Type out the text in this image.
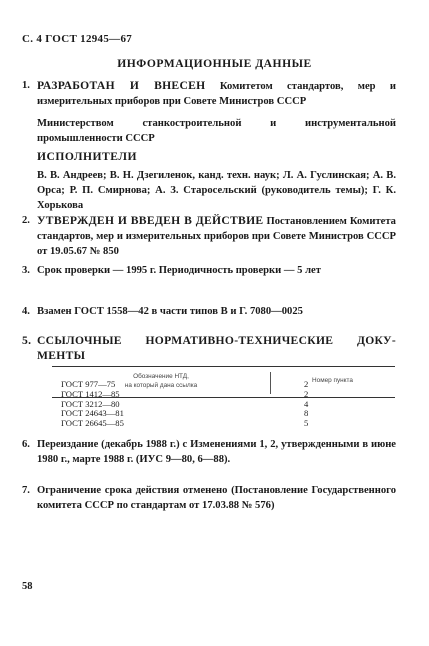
С. 4 ГОСТ 12945—67
ИНФОРМАЦИОННЫЕ ДАННЫЕ
1. РАЗРАБОТАН И ВНЕСЕН Комитетом стандартов, мер и измерительных приборов при Совете Министров СССР
Министерством станкостроительной и инструментальной промышленности СССР
ИСПОЛНИТЕЛИ
В. В. Андреев; В. Н. Дзегиленок, канд. техн. наук; Л. А. Гуслинская; А. В. Орса; Р. П. Смирнова; А. З. Старосельский (руководитель темы); Г. К. Хорькова
2. УТВЕРЖДЕН И ВВЕДЕН В ДЕЙСТВИЕ Постановлением Комитета стандартов, мер и измерительных приборов при Совете Министров СССР от 19.05.67 № 850
3. Срок проверки — 1995 г. Периодичность проверки — 5 лет
4. Взамен ГОСТ 1558—42 в части типов В и Г. 7080—0025
5. ССЫЛОЧНЫЕ НОРМАТИВНО-ТЕХНИЧЕСКИЕ ДОКУ-
МЕНТЫ
Обозначение НТД,
на который дана ссылка
Номер пункта
ГОСТ 977—75	2
ГОСТ 1412—85	2
ГОСТ 3212—80	4
ГОСТ 24643—81	8
ГОСТ 26645—85	5
6. Переиздание (декабрь 1988 г.) с Изменениями 1, 2, утвержденными в июне 1980 г., марте 1988 г. (ИУС 9—80, 6—88).
7. Ограничение срока действия отменено (Постановление Государственного комитета СССР по стандартам от 17.03.88 № 576)
58
